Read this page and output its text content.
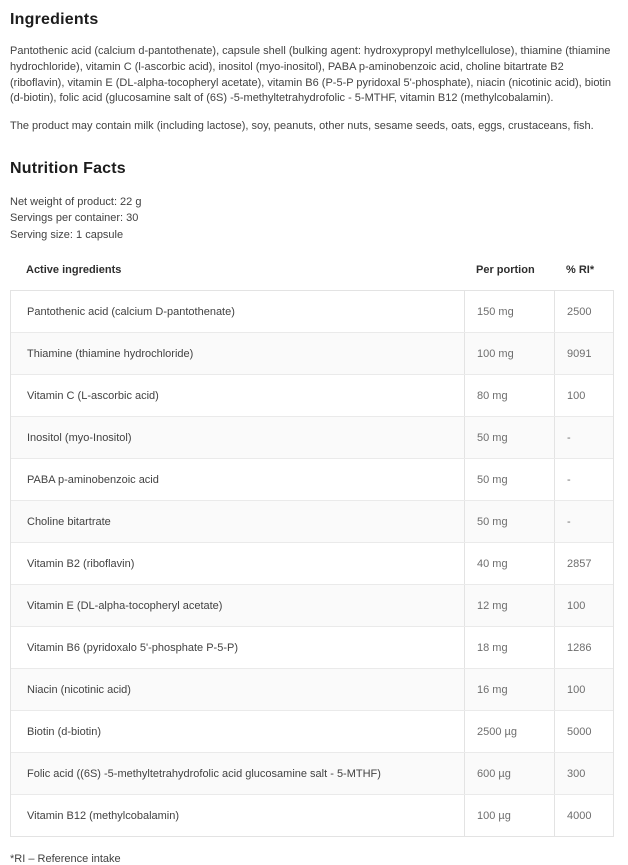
Ingredients

Pantothenic acid (calcium d-pantothenate), capsule shell (bulking agent: hydroxypropyl methylcellulose), thiamine (thiamine hydrochloride), vitamin C (l-ascorbic acid), inositol (myo-inositol), PABA p-aminobenzoic acid, choline bitartrate B2 (riboflavin), vitamin E (DL-alpha-tocopheryl acetate), vitamin B6 (P-5-P pyridoxal 5'-phosphate), niacin (nicotinic acid), biotin (d-biotin), folic acid (glucosamine salt of (6S) -5-methyltetrahydrofolic - 5-MTHF, vitamin B12 (methylcobalamin).

The product may contain milk (including lactose), soy, peanuts, other nuts, sesame seeds, oats, eggs, crustaceans, fish.

Nutrition Facts
Net weight of product: 22 g
Servings per container: 30
Serving size: 1 capsule
Active ingredients	Per portion	% RI*
Pantothenic acid (calcium D-pantothenate)	150 mg	2500
Thiamine (thiamine hydrochloride)	100 mg	9091
Vitamin C (L-ascorbic acid)	80 mg	100
Inositol (myo-Inositol)	50 mg	-
PABA p-aminobenzoic acid	50 mg	-
Choline bitartrate	50 mg	-
Vitamin B2 (riboflavin)	40 mg	2857
Vitamin E (DL-alpha-tocopheryl acetate)	12 mg	100
Vitamin B6 (pyridoxalo 5'-phosphate P-5-P)	18 mg	1286
Niacin (nicotinic acid)	16 mg	100
Biotin (d-biotin)	2500 µg	5000
Folic acid ((6S) -5-methyltetrahydrofolic acid glucosamine salt - 5-MTHF)	600 µg	300
Vitamin B12 (methylcobalamin)	100 µg	4000
*RI – Reference intake
